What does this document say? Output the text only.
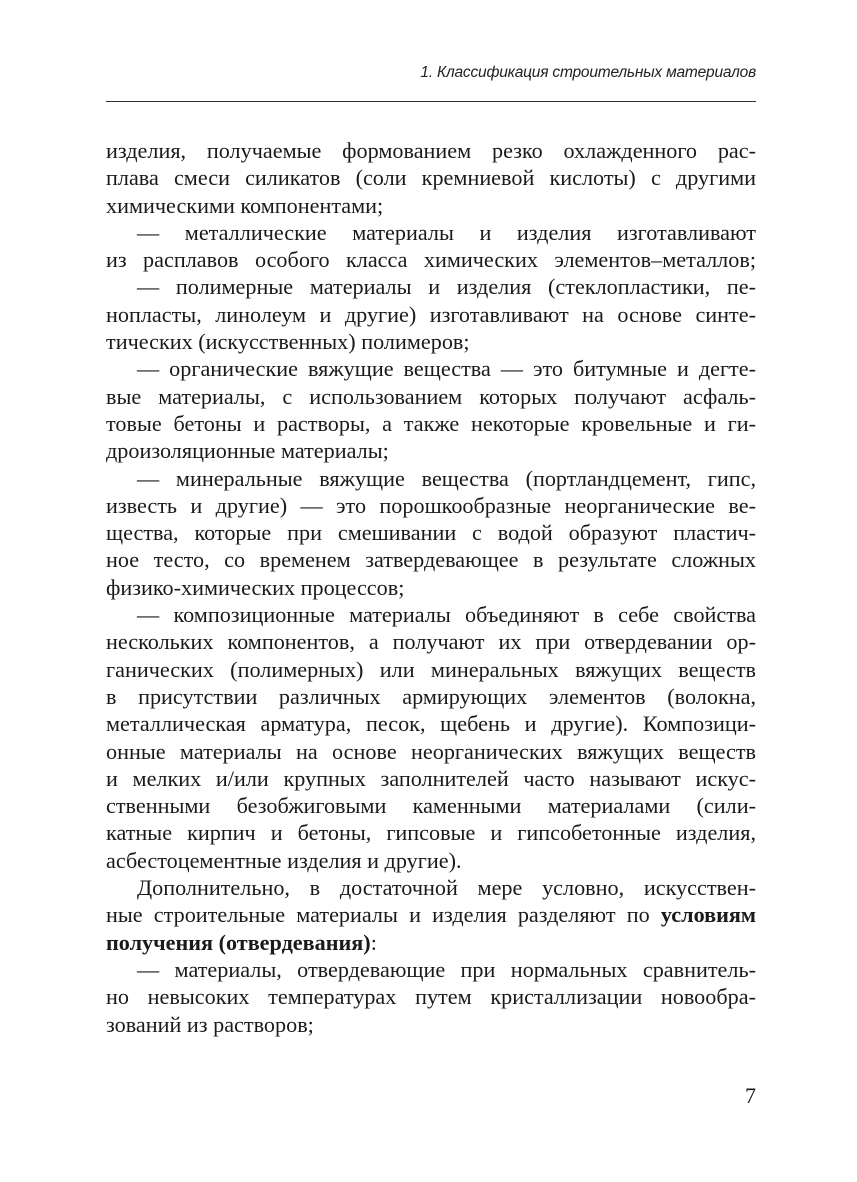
1. Классификация строительных материалов

изделия, получаемые формованием резко охлажденного рас-
плава смеси силикатов (соли кремниевой кислоты) с другими
химическими компонентами;

— металлические материалы и изделия изготавливают
из расплавов особого класса химических элементов–металлов;

— полимерные материалы и изделия (стеклопластики, пе-
нопласты, линолеум и другие) изготавливают на основе синте-
тических (искусственных) полимеров;

— органические вяжущие вещества — это битумные и дегте-
вые материалы, с использованием которых получают асфаль-
товые бетоны и растворы, а также некоторые кровельные и ги-
дроизоляционные материалы;

— минеральные вяжущие вещества (портландцемент, гипс,
известь и другие) — это порошкообразные неорганические ве-
щества, которые при смешивании с водой образуют пластич-
ное тесто, со временем затвердевающее в результате сложных
физико-химических процессов;

— композиционные материалы объединяют в себе свойства
нескольких компонентов, а получают их при отвердевании ор-
ганических (полимерных) или минеральных вяжущих веществ
в присутствии различных армирующих элементов (волокна,
металлическая арматура, песок, щебень и другие). Композици-
онные материалы на основе неорганических вяжущих веществ
и мелких и/или крупных заполнителей часто называют искус-
ственными безобжиговыми каменными материалами (сили-
катные кирпич и бетоны, гипсовые и гипсобетонные изделия,
асбестоцементные изделия и другие).

Дополнительно, в достаточной мере условно, искусствен-
ные строительные материалы и изделия разделяют по условиям
получения (отвердевания):

— материалы, отвердевающие при нормальных сравнитель-
но невысоких температурах путем кристаллизации новообра-
зований из растворов;

7
